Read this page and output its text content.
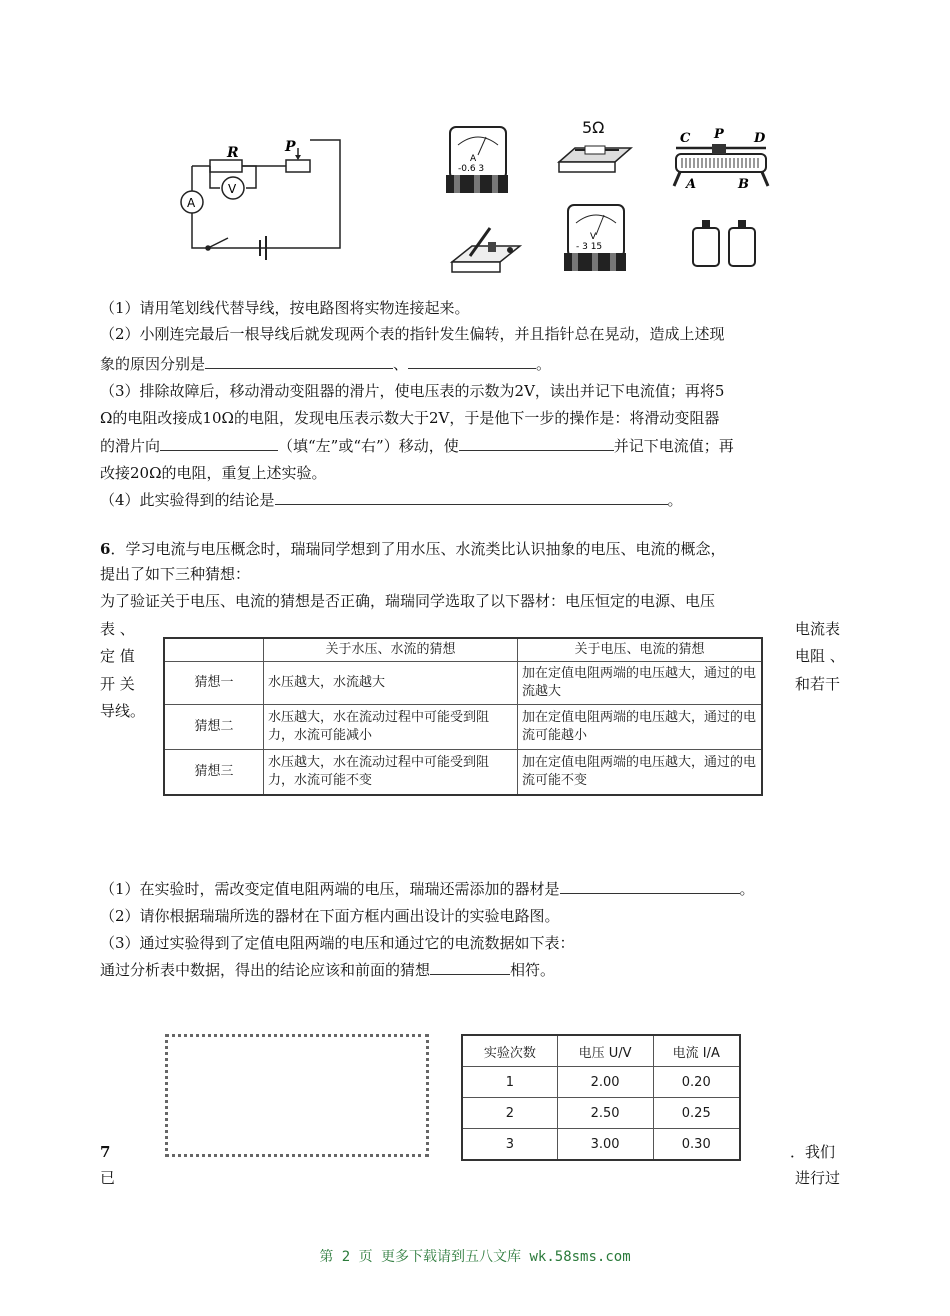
R	P
A
V
A
-0.6 3
5Ω
C P D
A	B
V
- 3 15
（1）请用笔划线代替导线，按电路图将实物连接起来。
（2）小刚连完最后一根导线后就发现两个表的指针发生偏转，并且指针总在晃动，造成上述现
象的原因分别是	、	。
（3）排除故障后，移动滑动变阻器的滑片，使电压表的示数为2V，读出并记下电流值；再将5
Ω的电阻改接成10Ω的电阻，发现电压表示数大于2V，于是他下一步的操作是：将滑动变阻器
的滑片向	（填“左”或“右”）移动，使	并记下电流值；再
改接20Ω的电阻，重复上述实验。
（4）此实验得到的结论是	。
6．学习电流与电压概念时，瑞瑞同学想到了用水压、水流类比认识抽象的电压、电流的概念，
提出了如下三种猜想：
为了验证关于电压、电流的猜想是否正确，瑞瑞同学选取了以下器材：电压恒定的电源、电压
表 、
定 值
开 关
导线。
电流表
电阻 、
和若干
	关于水压、水流的猜想	关于电压、电流的猜想
猜想一	水压越大，水流越大	加在定值电阻两端的电压越大，通过的电流越大
猜想二	水压越大，水在流动过程中可能受到阻力，水流可能减小	加在定值电阻两端的电压越大，通过的电流可能越小
猜想三	水压越大，水在流动过程中可能受到阻力，水流可能不变	加在定值电阻两端的电压越大，通过的电流可能不变
（1）在实验时，需改变定值电阻两端的电压，瑞瑞还需添加的器材是	。
（2）请你根据瑞瑞所选的器材在下面方框内画出设计的实验电路图。
（3）通过实验得到了定值电阻两端的电压和通过它的电流数据如下表：
通过分析表中数据，得出的结论应该和前面的猜想	相符。
实验次数	电压 U/V	电流 I/A
1	2.00	0.20
2	2.50	0.25
3	3.00	0.30
7	．我们
已	进行过
第 2 页 更多下载请到五八文库 wk.58sms.com
